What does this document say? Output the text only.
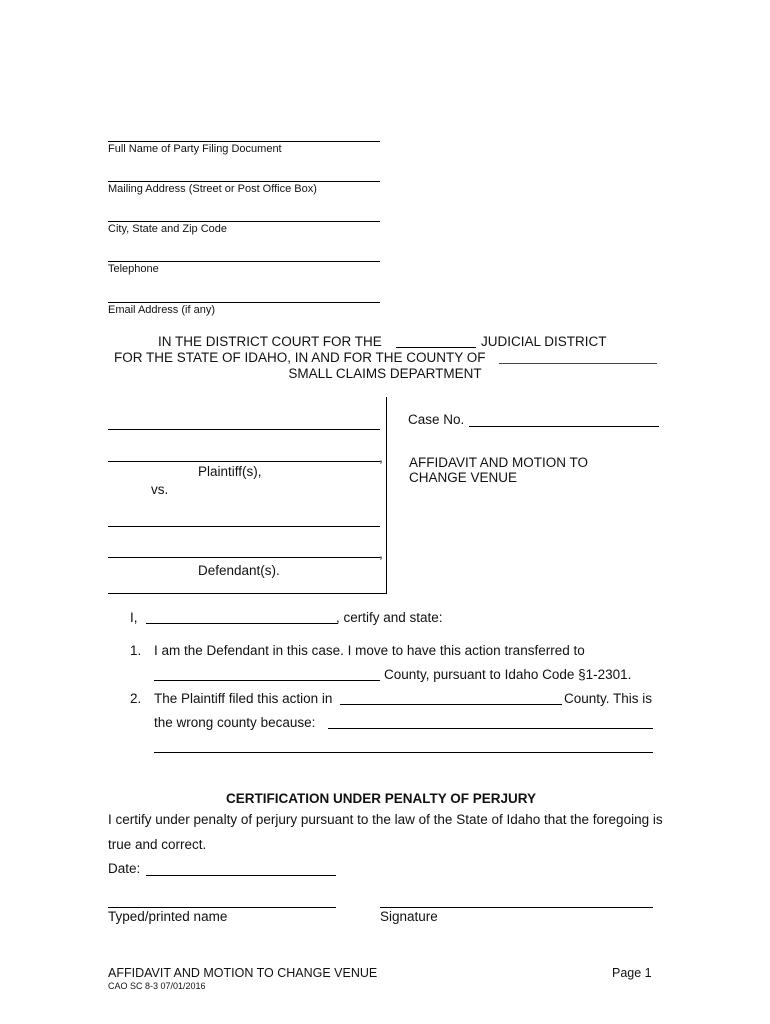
Full Name of Party Filing Document
Mailing Address (Street or Post Office Box)
City, State and Zip Code
Telephone
Email Address (if any)
IN THE DISTRICT COURT FOR THE	JUDICIAL DISTRICT
FOR THE STATE OF IDAHO, IN AND FOR THE COUNTY OF
SMALL CLAIMS DEPARTMENT
,
Plaintiff(s),
vs.
,
Defendant(s).
Case No.
AFFIDAVIT AND MOTION TO
CHANGE VENUE
I,	, certify and state:
1. I am the Defendant in this case. I move to have this action transferred to
County, pursuant to Idaho Code §1-2301.
2. The Plaintiff filed this action in	County. This is
the wrong county because:
CERTIFICATION UNDER PENALTY OF PERJURY
I certify under penalty of perjury pursuant to the law of the State of Idaho that the foregoing is
true and correct.
Date:
Typed/printed name	Signature
AFFIDAVIT AND MOTION TO CHANGE VENUE
CAO SC 8-3 07/01/2016
Page 1
